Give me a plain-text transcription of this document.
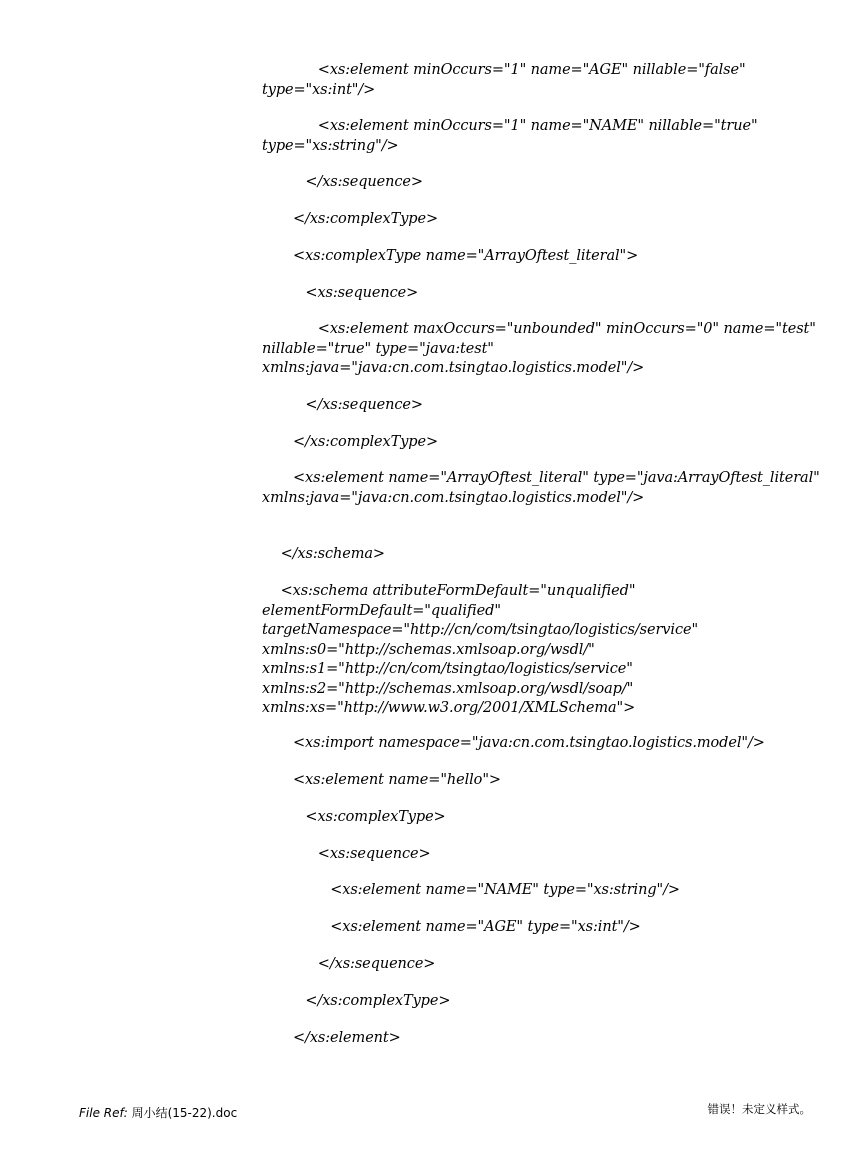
<xs:element minOccurs="1" name="AGE" nillable="false" type="xs:int"/>
<xs:element minOccurs="1" name="NAME" nillable="true" type="xs:string"/>
</xs:sequence>
</xs:complexType>
<xs:complexType name="ArrayOftest_literal">
<xs:sequence>
<xs:element maxOccurs="unbounded" minOccurs="0" name="test" nillable="true" type="java:test" xmlns:java="java:cn.com.tsingtao.logistics.model"/>
</xs:sequence>
</xs:complexType>
<xs:element name="ArrayOftest_literal" type="java:ArrayOftest_literal" xmlns:java="java:cn.com.tsingtao.logistics.model"/>
</xs:schema>
<xs:schema attributeFormDefault="unqualified" elementFormDefault="qualified" targetNamespace="http://cn/com/tsingtao/logistics/service" xmlns:s0="http://schemas.xmlsoap.org/wsdl/" xmlns:s1="http://cn/com/tsingtao/logistics/service" xmlns:s2="http://schemas.xmlsoap.org/wsdl/soap/" xmlns:xs="http://www.w3.org/2001/XMLSchema">
<xs:import namespace="java:cn.com.tsingtao.logistics.model"/>
<xs:element name="hello">
<xs:complexType>
<xs:sequence>
<xs:element name="NAME" type="xs:string"/>
<xs:element name="AGE" type="xs:int"/>
</xs:sequence>
</xs:complexType>
</xs:element>
File Ref: 周小结(15-22).doc	错误！未定义样式。
